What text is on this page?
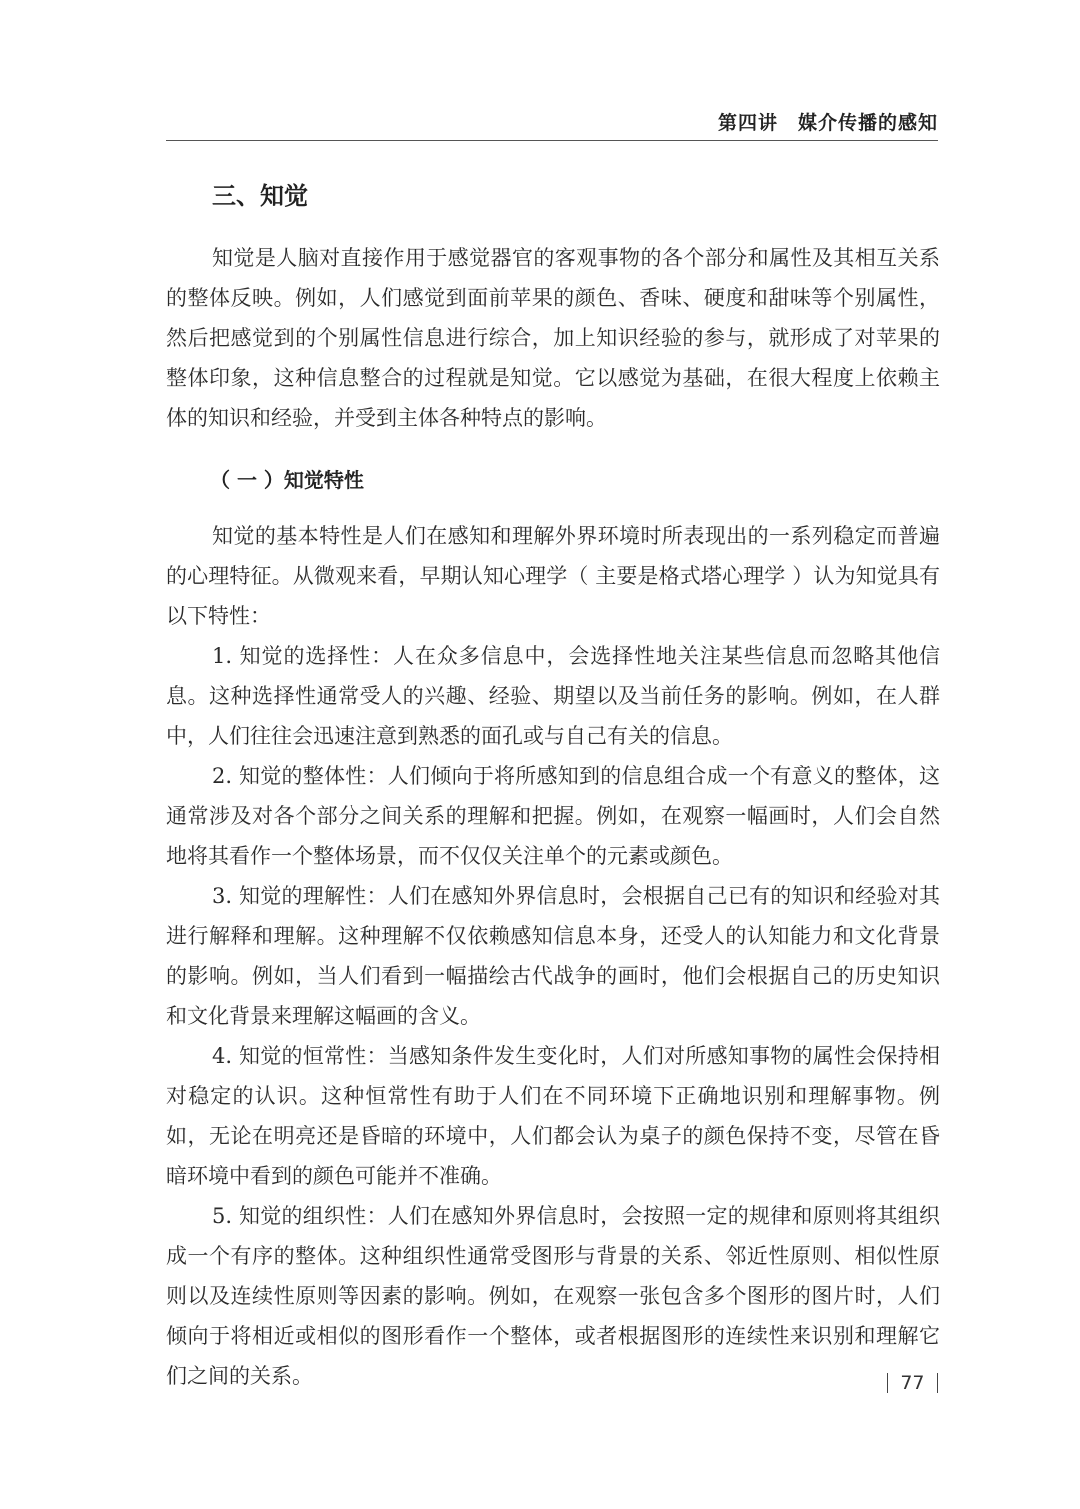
第四讲　媒介传播的感知
三、知觉

知觉是人脑对直接作用于感觉器官的客观事物的各个部分和属性及其相互关系的整体反映。例如，人们感觉到面前苹果的颜色、香味、硬度和甜味等个别属性，然后把感觉到的个别属性信息进行综合，加上知识经验的参与，就形成了对苹果的整体印象，这种信息整合的过程就是知觉。它以感觉为基础，在很大程度上依赖主体的知识和经验，并受到主体各种特点的影响。

（ 一 ）知觉特性

知觉的基本特性是人们在感知和理解外界环境时所表现出的一系列稳定而普遍的心理特征。从微观来看，早期认知心理学（ 主要是格式塔心理学 ）认为知觉具有以下特性：

1. 知觉的选择性：人在众多信息中，会选择性地关注某些信息而忽略其他信息。这种选择性通常受人的兴趣、经验、期望以及当前任务的影响。例如，在人群中，人们往往会迅速注意到熟悉的面孔或与自己有关的信息。

2. 知觉的整体性：人们倾向于将所感知到的信息组合成一个有意义的整体，这通常涉及对各个部分之间关系的理解和把握。例如，在观察一幅画时，人们会自然地将其看作一个整体场景，而不仅仅关注单个的元素或颜色。

3. 知觉的理解性：人们在感知外界信息时，会根据自己已有的知识和经验对其进行解释和理解。这种理解不仅依赖感知信息本身，还受人的认知能力和文化背景的影响。例如，当人们看到一幅描绘古代战争的画时，他们会根据自己的历史知识和文化背景来理解这幅画的含义。

4. 知觉的恒常性：当感知条件发生变化时，人们对所感知事物的属性会保持相对稳定的认识。这种恒常性有助于人们在不同环境下正确地识别和理解事物。例如，无论在明亮还是昏暗的环境中，人们都会认为桌子的颜色保持不变，尽管在昏暗环境中看到的颜色可能并不准确。

5. 知觉的组织性：人们在感知外界信息时，会按照一定的规律和原则将其组织成一个有序的整体。这种组织性通常受图形与背景的关系、邻近性原则、相似性原则以及连续性原则等因素的影响。例如，在观察一张包含多个图形的图片时，人们倾向于将相近或相似的图形看作一个整体，或者根据图形的连续性来识别和理解它们之间的关系。	77
